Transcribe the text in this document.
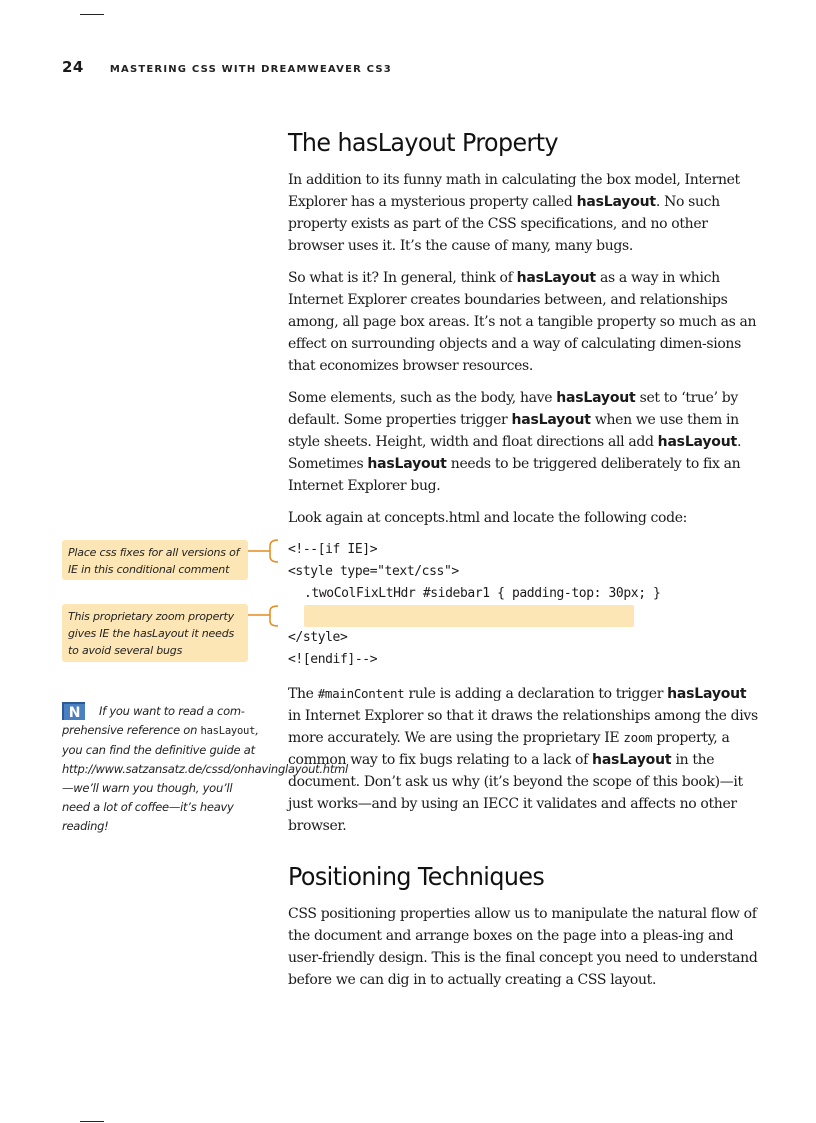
24	MASTERING CSS WITH DREAMWEAVER CS3
The hasLayout Property

In addition to its funny math in calculating the box model, Internet Explorer has a mysterious property called hasLayout. No such property exists as part of the CSS specifications, and no other browser uses it. It’s the cause of many, many bugs.

So what is it? In general, think of hasLayout as a way in which Internet Explorer creates boundaries between, and relationships among, all page box areas. It’s not a tangible property so much as an effect on surrounding objects and a way of calculating dimen-sions that economizes browser resources.

Some elements, such as the body, have hasLayout set to ‘true’ by default. Some properties trigger hasLayout when we use them in style sheets. Height, width and float directions all add hasLayout. Sometimes hasLayout needs to be triggered deliberately to fix an Internet Explorer bug.

Look again at concepts.html and locate the following code:

<!--[if IE]>
<style type="text/css">
.twoColFixLtHdr #sidebar1 { padding-top: 30px; }
</style>
<![endif]-->

The #mainContent rule is adding a declaration to trigger hasLayout in Internet Explorer so that it draws the relationships among the divs more accurately. We are using the proprietary IE zoom property, a common way to fix bugs relating to a lack of hasLayout in the document. Don’t ask us why (it’s beyond the scope of this book)—it just works—and by using an IECC it validates and affects no other browser.

Positioning Techniques

CSS positioning properties allow us to manipulate the natural flow of the document and arrange boxes on the page into a pleas-ing and user-friendly design. This is the final concept you need to understand before we can dig in to actually creating a CSS layout.

Place css fixes for all versions of IE in this conditional comment
This proprietary zoom property gives IE the hasLayout it needs to avoid several bugs
N If you want to read a com-prehensive reference on hasLayout, you can find the definitive guide at http://www.satzansatz.de/cssd/onhavinglayout.html—we’ll warn you though, you’ll need a lot of coffee—it’s heavy reading!
